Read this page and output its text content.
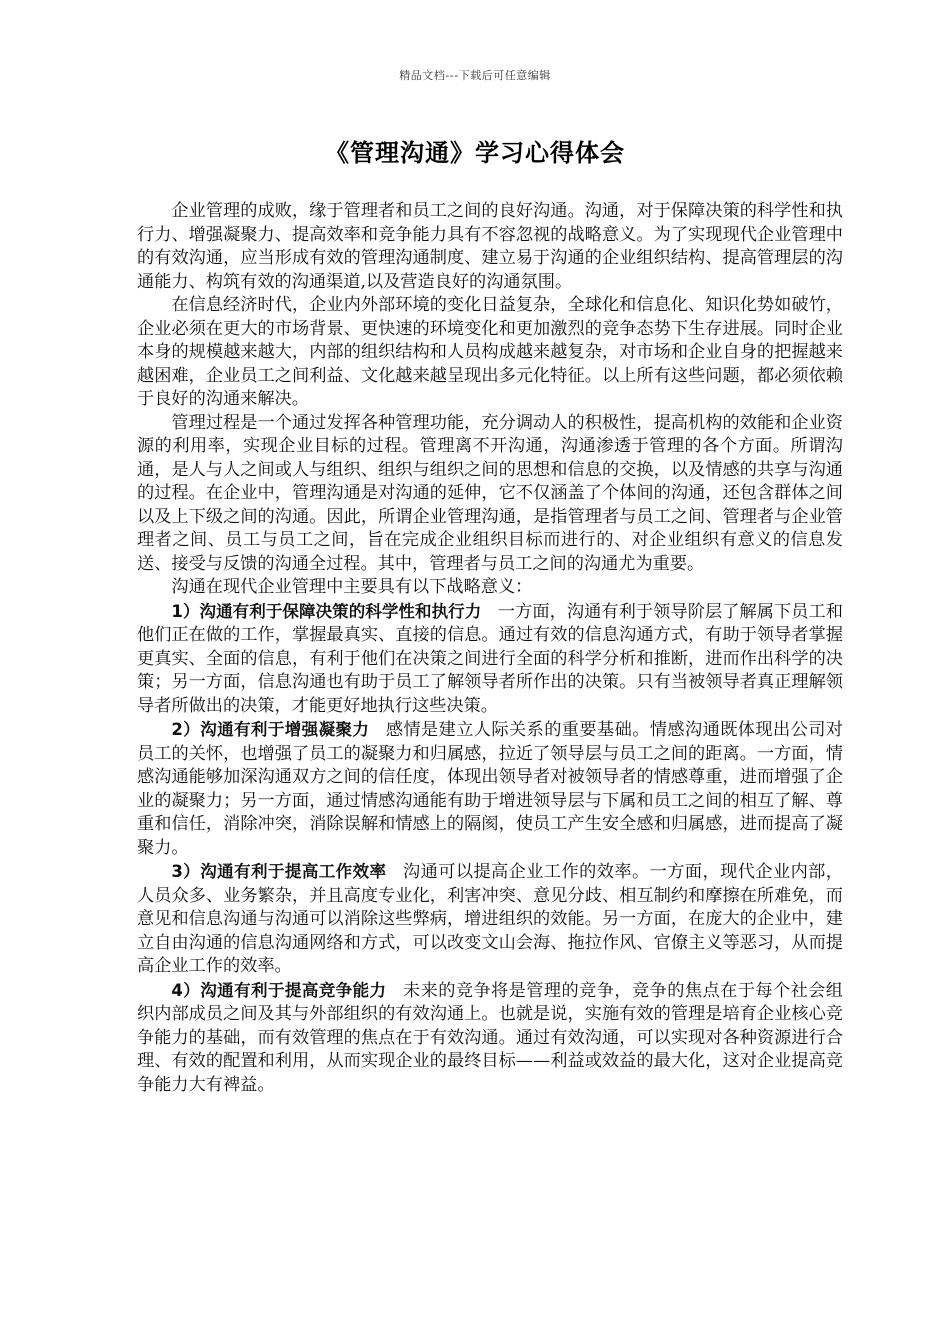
精品文档---下载后可任意编辑
《管理沟通》学习心得体会

企业管理的成败，缘于管理者和员工之间的良好沟通。沟通，对于保障决策的科学性和执行力、增强凝聚力、提高效率和竞争能力具有不容忽视的战略意义。为了实现现代企业管理中的有效沟通，应当形成有效的管理沟通制度、建立易于沟通的企业组织结构、提高管理层的沟通能力、构筑有效的沟通渠道,以及营造良好的沟通氛围。

在信息经济时代，企业内外部环境的变化日益复杂，全球化和信息化、知识化势如破竹，企业必须在更大的市场背景、更快速的环境变化和更加激烈的竞争态势下生存进展。同时企业本身的规模越来越大，内部的组织结构和人员构成越来越复杂，对市场和企业自身的把握越来越困难，企业员工之间利益、文化越来越呈现出多元化特征。以上所有这些问题，都必须依赖于良好的沟通来解决。

管理过程是一个通过发挥各种管理功能，充分调动人的积极性，提高机构的效能和企业资源的利用率，实现企业目标的过程。管理离不开沟通，沟通渗透于管理的各个方面。所谓沟通，是人与人之间或人与组织、组织与组织之间的思想和信息的交换，以及情感的共享与沟通的过程。在企业中，管理沟通是对沟通的延伸，它不仅涵盖了个体间的沟通，还包含群体之间以及上下级之间的沟通。因此，所谓企业管理沟通，是指管理者与员工之间、管理者与企业管理者之间、员工与员工之间，旨在完成企业组织目标而进行的、对企业组织有意义的信息发送、接受与反馈的沟通全过程。其中，管理者与员工之间的沟通尤为重要。

沟通在现代企业管理中主要具有以下战略意义：

1）沟通有利于保障决策的科学性和执行力 一方面，沟通有利于领导阶层了解属下员工和他们正在做的工作，掌握最真实、直接的信息。通过有效的信息沟通方式，有助于领导者掌握更真实、全面的信息，有利于他们在决策之间进行全面的科学分析和推断，进而作出科学的决策；另一方面，信息沟通也有助于员工了解领导者所作出的决策。只有当被领导者真正理解领导者所做出的决策，才能更好地执行这些决策。

2）沟通有利于增强凝聚力 感情是建立人际关系的重要基础。情感沟通既体现出公司对员工的关怀，也增强了员工的凝聚力和归属感，拉近了领导层与员工之间的距离。一方面，情感沟通能够加深沟通双方之间的信任度，体现出领导者对被领导者的情感尊重，进而增强了企业的凝聚力；另一方面，通过情感沟通能有助于增进领导层与下属和员工之间的相互了解、尊重和信任，消除冲突，消除误解和情感上的隔阂，使员工产生安全感和归属感，进而提高了凝聚力。

3）沟通有利于提高工作效率 沟通可以提高企业工作的效率。一方面，现代企业内部，人员众多、业务繁杂，并且高度专业化，利害冲突、意见分歧、相互制约和摩擦在所难免，而意见和信息沟通与沟通可以消除这些弊病，增进组织的效能。另一方面，在庞大的企业中，建立自由沟通的信息沟通网络和方式，可以改变文山会海、拖拉作风、官僚主义等恶习，从而提高企业工作的效率。

4）沟通有利于提高竞争能力 未来的竞争将是管理的竞争，竞争的焦点在于每个社会组织内部成员之间及其与外部组织的有效沟通上。也就是说，实施有效的管理是培育企业核心竞争能力的基础，而有效管理的焦点在于有效沟通。通过有效沟通，可以实现对各种资源进行合理、有效的配置和利用，从而实现企业的最终目标——利益或效益的最大化，这对企业提高竞争能力大有裨益。
